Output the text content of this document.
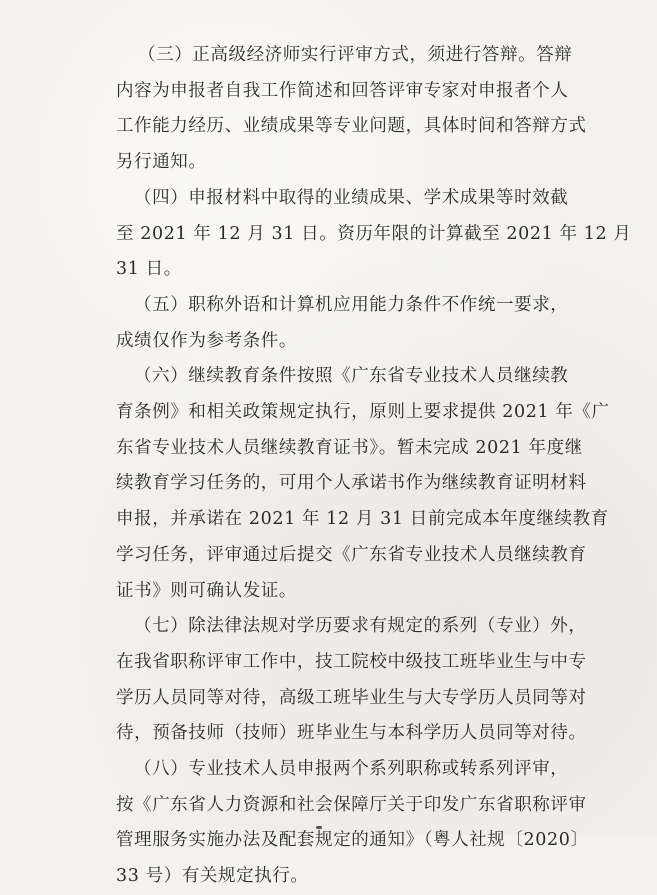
（三）正高级经济师实行评审方式，须进行答辩。答辩
内容为申报者自我工作简述和回答评审专家对申报者个人
工作能力经历、业绩成果等专业问题，具体时间和答辩方式
另行通知。

（四）申报材料中取得的业绩成果、学术成果等时效截
至 2021 年 12 月 31 日。资历年限的计算截至 2021 年 12 月
31 日。

（五）职称外语和计算机应用能力条件不作统一要求，
成绩仅作为参考条件。

（六）继续教育条件按照《广东省专业技术人员继续教
育条例》和相关政策规定执行，原则上要求提供 2021 年《广
东省专业技术人员继续教育证书》。暂未完成 2021 年度继
续教育学习任务的，可用个人承诺书作为继续教育证明材料
申报，并承诺在 2021 年 12 月 31 日前完成本年度继续教育
学习任务，评审通过后提交《广东省专业技术人员继续教育
证书》则可确认发证。

（七）除法律法规对学历要求有规定的系列（专业）外，
在我省职称评审工作中，技工院校中级技工班毕业生与中专
学历人员同等对待，高级工班毕业生与大专学历人员同等对
待，预备技师（技师）班毕业生与本科学历人员同等对待。

（八）专业技术人员申报两个系列职称或转系列评审，
按《广东省人力资源和社会保障厅关于印发广东省职称评审
管理服务实施办法及配套规定的通知》（粤人社规〔2020〕
33 号）有关规定执行。
